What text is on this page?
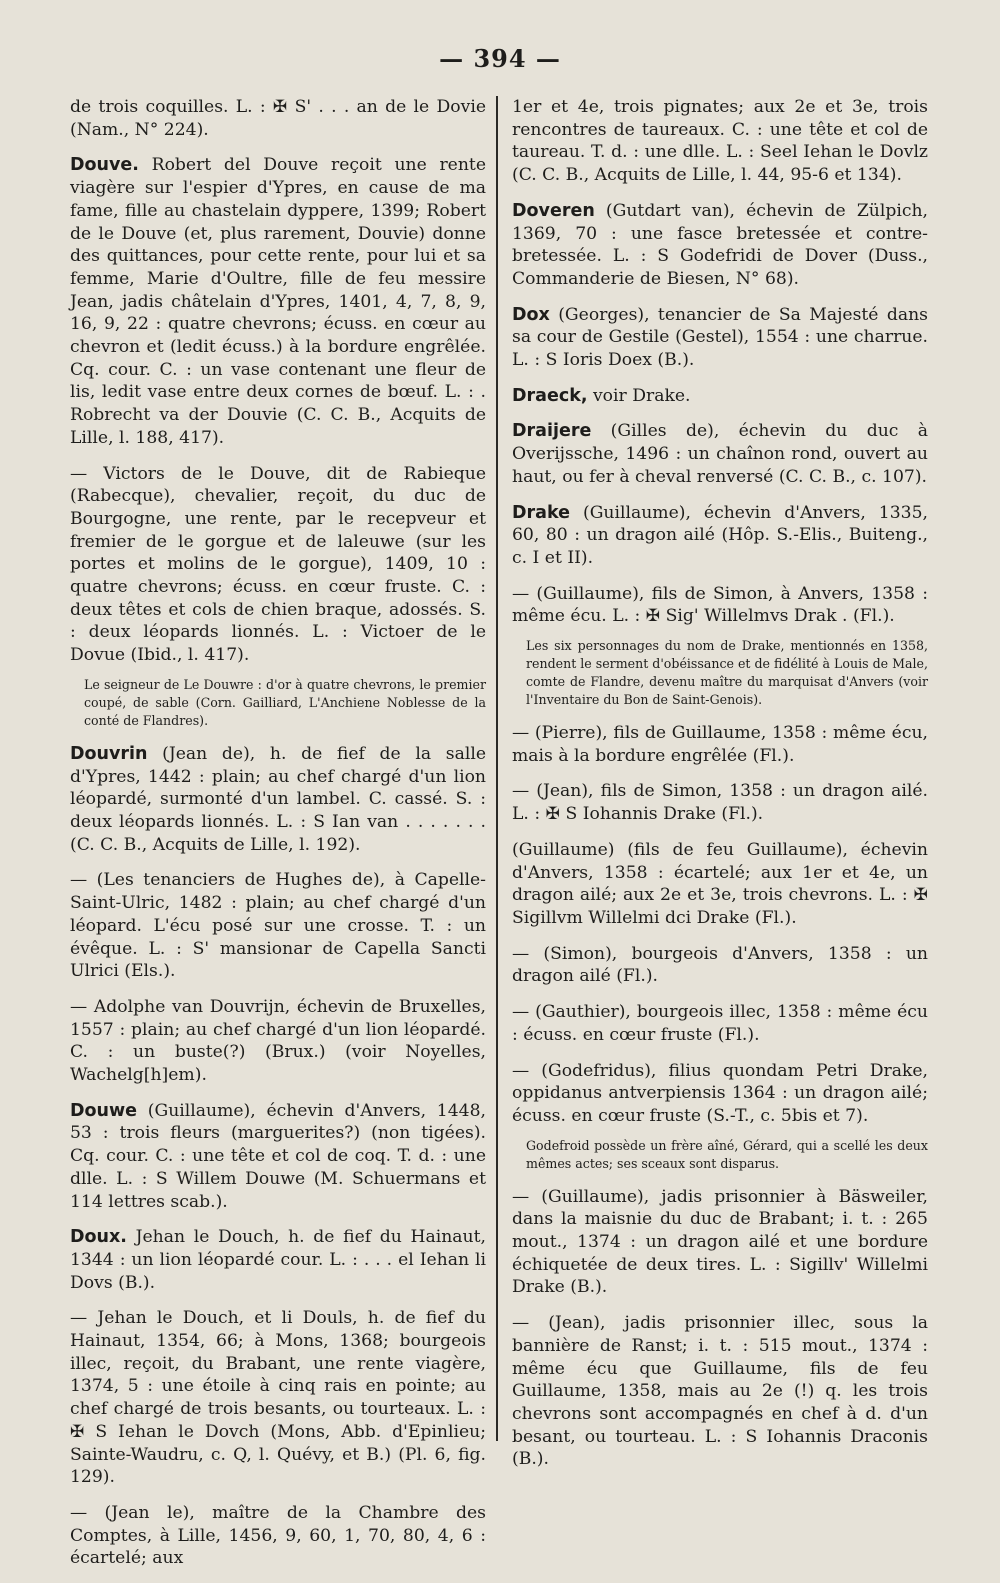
— 394 —

de trois coquilles. L. : ✠ S' . . . an de le Dovie (Nam., N° 224).

Douve. Robert del Douve reçoit une rente viagère sur l'espier d'Ypres, en cause de ma fame, fille au chastelain dyppere, 1399; Robert de le Douve (et, plus rarement, Douvie) donne des quittances, pour cette rente, pour lui et sa femme, Marie d'Oultre, fille de feu messire Jean, jadis châtelain d'Ypres, 1401, 4, 7, 8, 9, 16, 9, 22 : quatre chevrons; écuss. en cœur au chevron et (ledit écuss.) à la bordure engrêlée. Cq. cour. C. : un vase contenant une fleur de lis, ledit vase entre deux cornes de bœuf. L. : . Robrecht va der Douvie (C. C. B., Acquits de Lille, l. 188, 417).

— Victors de le Douve, dit de Rabieque (Rabecque), chevalier, reçoit, du duc de Bourgogne, une rente, par le recepveur et fremier de le gorgue et de laleuwe (sur les portes et molins de le gorgue), 1409, 10 : quatre chevrons; écuss. en cœur fruste. C. : deux têtes et cols de chien braque, adossés. S. : deux léopards lionnés. L. : Victoer de le Dovue (Ibid., l. 417).

Le seigneur de Le Douwre : d'or à quatre chevrons, le premier coupé, de sable (Corn. Gailliard, L'Anchiene Noblesse de la conté de Flandres).

Douvrin (Jean de), h. de fief de la salle d'Ypres, 1442 : plain; au chef chargé d'un lion léopardé, surmonté d'un lambel. C. cassé. S. : deux léopards lionnés. L. : S Ian van . . . . . . . (C. C. B., Acquits de Lille, l. 192).

— (Les tenanciers de Hughes de), à Capelle-Saint-Ulric, 1482 : plain; au chef chargé d'un léopard. L'écu posé sur une crosse. T. : un évêque. L. : S' mansionar de Capella Sancti Ulrici (Els.).

— Adolphe van Douvrijn, échevin de Bruxelles, 1557 : plain; au chef chargé d'un lion léopardé. C. : un buste(?) (Brux.) (voir Noyelles, Wachelg[h]em).

Douwe (Guillaume), échevin d'Anvers, 1448, 53 : trois fleurs (marguerites?) (non tigées). Cq. cour. C. : une tête et col de coq. T. d. : une dlle. L. : S Willem Douwe (M. Schuermans et 114 lettres scab.).

Doux. Jehan le Douch, h. de fief du Hainaut, 1344 : un lion léopardé cour. L. : . . . el Iehan li Dovs (B.).

— Jehan le Douch, et li Douls, h. de fief du Hainaut, 1354, 66; à Mons, 1368; bourgeois illec, reçoit, du Brabant, une rente viagère, 1374, 5 : une étoile à cinq rais en pointe; au chef chargé de trois besants, ou tourteaux. L. : ✠ S Iehan le Dovch (Mons, Abb. d'Epinlieu; Sainte-Waudru, c. Q, l. Quévy, et B.) (Pl. 6, fig. 129).

— (Jean le), maître de la Chambre des Comptes, à Lille, 1456, 9, 60, 1, 70, 80, 4, 6 : écartelé; aux

1er et 4e, trois pignates; aux 2e et 3e, trois rencontres de taureaux. C. : une tête et col de taureau. T. d. : une dlle. L. : Seel Iehan le Dovlz (C. C. B., Acquits de Lille, l. 44, 95-6 et 134).

Doveren (Gutdart van), échevin de Zülpich, 1369, 70 : une fasce bretessée et contre-bretessée. L. : S Godefridi de Dover (Duss., Commanderie de Biesen, N° 68).

Dox (Georges), tenancier de Sa Majesté dans sa cour de Gestile (Gestel), 1554 : une charrue. L. : S Ioris Doex (B.).

Draeck, voir Drake.

Draijere (Gilles de), échevin du duc à Overijssche, 1496 : un chaînon rond, ouvert au haut, ou fer à cheval renversé (C. C. B., c. 107).

Drake (Guillaume), échevin d'Anvers, 1335, 60, 80 : un dragon ailé (Hôp. S.-Elis., Buiteng., c. I et II).

— (Guillaume), fils de Simon, à Anvers, 1358 : même écu. L. : ✠ Sig' Willelmvs Drak . (Fl.).

Les six personnages du nom de Drake, mentionnés en 1358, rendent le serment d'obéissance et de fidélité à Louis de Male, comte de Flandre, devenu maître du marquisat d'Anvers (voir l'Inventaire du Bon de Saint-Genois).

— (Pierre), fils de Guillaume, 1358 : même écu, mais à la bordure engrêlée (Fl.).

— (Jean), fils de Simon, 1358 : un dragon ailé. L. : ✠ S Iohannis Drake (Fl.).

(Guillaume) (fils de feu Guillaume), échevin d'Anvers, 1358 : écartelé; aux 1er et 4e, un dragon ailé; aux 2e et 3e, trois chevrons. L. : ✠ Sigillvm Willelmi dci Drake (Fl.).

— (Simon), bourgeois d'Anvers, 1358 : un dragon ailé (Fl.).

— (Gauthier), bourgeois illec, 1358 : même écu : écuss. en cœur fruste (Fl.).

— (Godefridus), filius quondam Petri Drake, oppidanus antverpiensis 1364 : un dragon ailé; écuss. en cœur fruste (S.-T., c. 5bis et 7).

Godefroid possède un frère aîné, Gérard, qui a scellé les deux mêmes actes; ses sceaux sont disparus.

— (Guillaume), jadis prisonnier à Bäsweiler, dans la maisnie du duc de Brabant; i. t. : 265 mout., 1374 : un dragon ailé et une bordure échiquetée de deux tires. L. : Sigillv' Willelmi Drake (B.).

— (Jean), jadis prisonnier illec, sous la bannière de Ranst; i. t. : 515 mout., 1374 : même écu que Guillaume, fils de feu Guillaume, 1358, mais au 2e (!) q. les trois chevrons sont accompagnés en chef à d. d'un besant, ou tourteau. L. : S Iohannis Draconis (B.).
